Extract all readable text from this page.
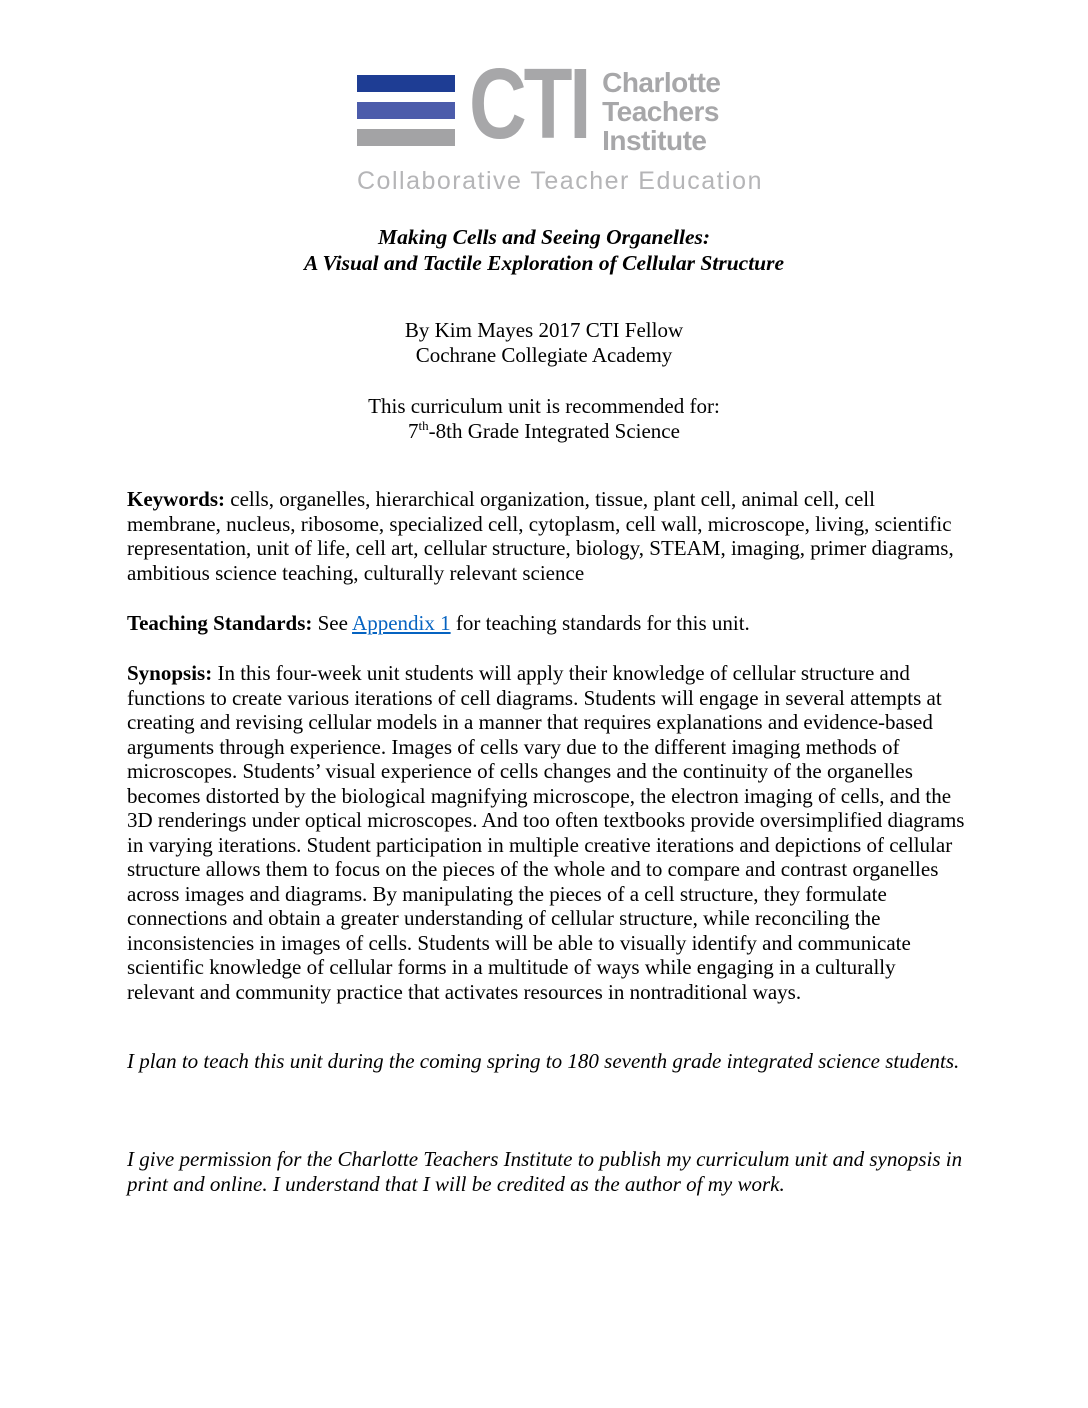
CTI Charlotte
Teachers
Institute
Collaborative Teacher Education
Making Cells and Seeing Organelles:
A Visual and Tactile Exploration of Cellular Structure
By Kim Mayes 2017 CTI Fellow
Cochrane Collegiate Academy
This curriculum unit is recommended for:
7th-8th Grade Integrated Science

Keywords: cells, organelles, hierarchical organization, tissue, plant cell, animal cell, cell membrane, nucleus, ribosome, specialized cell, cytoplasm, cell wall, microscope, living, scientific representation, unit of life, cell art, cellular structure, biology, STEAM, imaging, primer diagrams, ambitious science teaching, culturally relevant science

Teaching Standards: See Appendix 1 for teaching standards for this unit.

Synopsis: In this four-week unit students will apply their knowledge of cellular structure and functions to create various iterations of cell diagrams. Students will engage in several attempts at creating and revising cellular models in a manner that requires explanations and evidence-based arguments through experience. Images of cells vary due to the different imaging methods of microscopes. Students’ visual experience of cells changes and the continuity of the organelles becomes distorted by the biological magnifying microscope, the electron imaging of cells, and the 3D renderings under optical microscopes. And too often textbooks provide oversimplified diagrams in varying iterations. Student participation in multiple creative iterations and depictions of cellular structure allows them to focus on the pieces of the whole and to compare and contrast organelles across images and diagrams. By manipulating the pieces of a cell structure, they formulate connections and obtain a greater understanding of cellular structure, while reconciling the inconsistencies in images of cells. Students will be able to visually identify and communicate scientific knowledge of cellular forms in a multitude of ways while engaging in a culturally relevant and community practice that activates resources in nontraditional ways.

I plan to teach this unit during the coming spring to 180 seventh grade integrated science students.

I give permission for the Charlotte Teachers Institute to publish my curriculum unit and synopsis in print and online. I understand that I will be credited as the author of my work.
